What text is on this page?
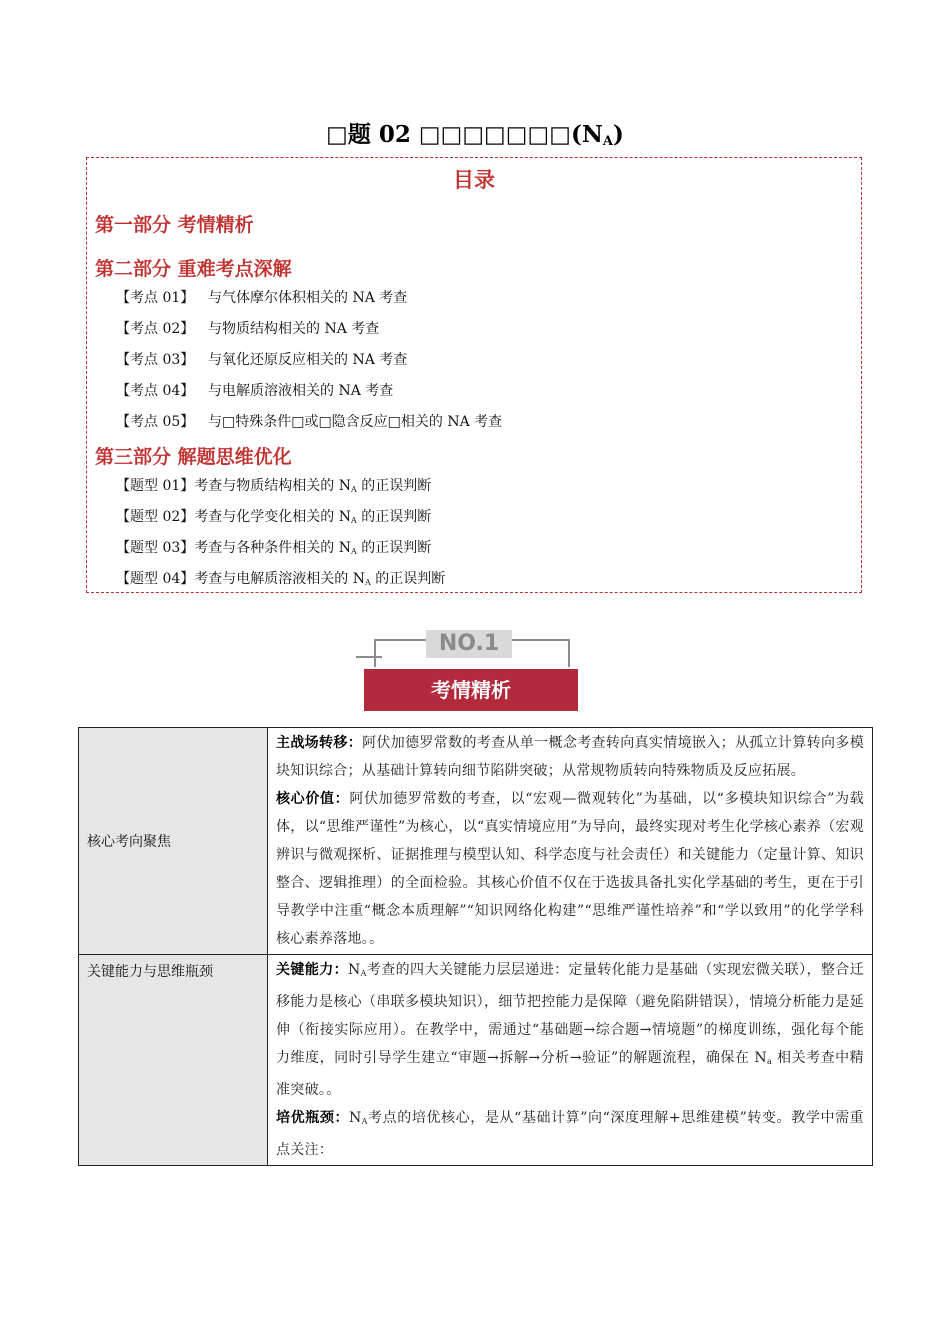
□题 02 $□□□□□□□(N_A)$
目录
第一部分 考情精析
第二部分 重难考点深解
【考点 01】 与气体摩尔体积相关的 NA 考查
【考点 02】 与物质结构相关的 NA 考查
【考点 03】 与氧化还原反应相关的 NA 考查
【考点 04】 与电解质溶液相关的 NA 考查
【考点 05】 与□特殊条件□或□隐含反应□相关的 NA 考查
第三部分 解题思维优化
【题型 01】考查与物质结构相关的 $N_A$ 的正误判断
【题型 02】考查与化学变化相关的 $N_A$ 的正误判断
【题型 03】考查与各种条件相关的 $N_A$ 的正误判断
【题型 04】考查与电解质溶液相关的 $N_A$ 的正误判断
NO.1
考情精析
核心考向聚焦	主战场转移：阿伏加德罗常数的考查从单一概念考查转向真实情境嵌入；从孤立计算转向多模块知识综合；从基础计算转向细节陷阱突破；从常规物质转向特殊物质及反应拓展。

核心价值：阿伏加德罗常数的考查，以“宏观—微观转化”为基础，以“多模块知识综合”为载体，以“思维严谨性”为核心，以“真实情境应用”为导向，最终实现对考生化学核心素养（宏观辨识与微观探析、证据推理与模型认知、科学态度与社会责任）和关键能力（定量计算、知识整合、逻辑推理）的全面检验。其核心价值不仅在于选拔具备扎实化学基础的考生，更在于引导教学中注重“概念本质理解”“知识网络化构建”“思维严谨性培养”和“学以致用”的化学学科核心素养落地。。

关键能力与思维瓶颈	关键能力：$N_A$考查的四大关键能力层层递进：定量转化能力是基础（实现宏微关联），整合迁移能力是核心（串联多模块知识），细节把控能力是保障（避免陷阱错误），情境分析能力是延伸（衔接实际应用）。在教学中，需通过“基础题→综合题→情境题”的梯度训练，强化每个能力维度，同时引导学生建立“审题→拆解→分析→验证”的解题流程，确保在 $N_a$ 相关考查中精准突破。。

培优瓶颈：$N_A$考点的培优核心，是从“基础计算”向“深度理解+思维建模”转变。教学中需重点关注：
